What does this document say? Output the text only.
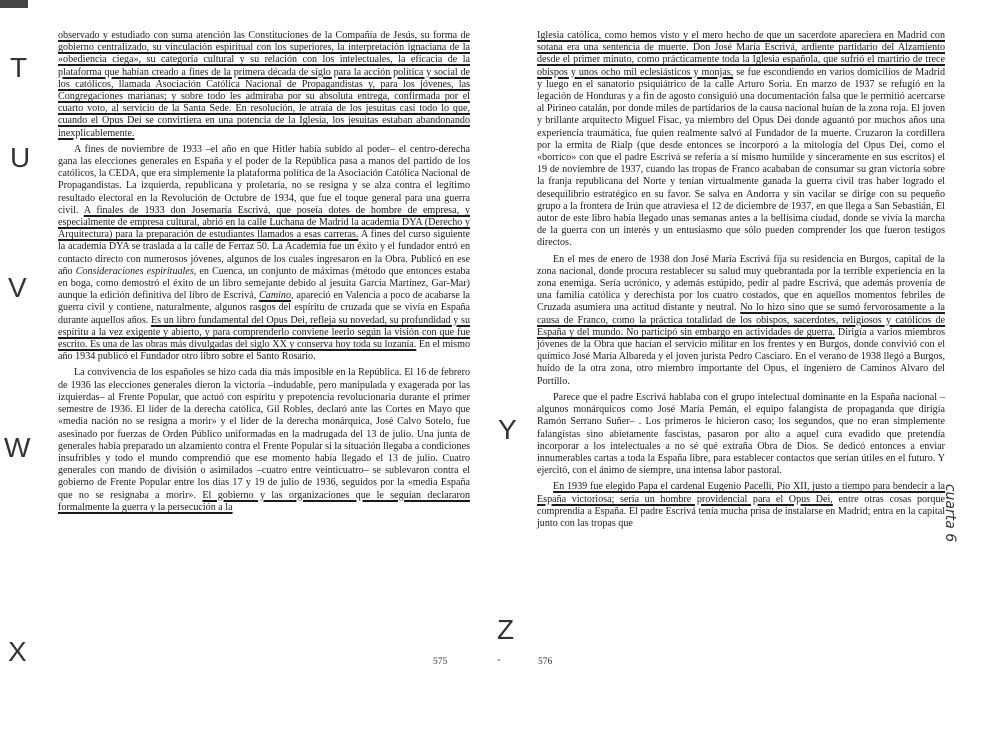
T
U
V
W
X
Y
Z
cuarta 6

observado y estudiado con suma atención las Constituciones de la Compañía de Jesús, su forma de gobierno centralizado, su vinculación espiritual con los superiores, la interpretación ignaciana de la «obediencia ciega», su categoría cultural y su relación con los intelectuales, la eficacia de la plataforma que habían creado a fines de la primera década de siglo para la acción política y social de los católicos, llamada Asociación Católica Nacional de Propagandistas y, para los jóvenes, las Congregaciones marianas; y sobre todo les admiraba por su absoluta entrega, confirmada por el cuarto voto, al servicio de la Santa Sede. En resolución, le atraía de los jesuitas casi todo lo que, cuando el Opus Dei se convirtiera en una potencia de la Iglesia, los jesuitas estaban abandonando inexplicablemente.

A fines de noviembre de 1933 –el año en que Hitler había subido al poder– el centro-derecha gana las elecciones generales en España y el poder de la República pasa a manos del partido de los católicos, la CEDA, que era simplemente la plataforma política de la Asociación Católica Nacional de Propagandistas. La izquierda, republicana y proletaria, no se resigna y se alza contra el legítimo resultado electoral en la Revolución de Octubre de 1934, que fue el toque general para una guerra civil. A finales de 1933 don Josemaría Escrivá, que poseía dotes de hombre de empresa, y especialmente de empresa cultural, abrió en la calle Luchana de Madrid la academia DYA (Derecho y Arquitectura) para la preparación de estudiantes llamados a esas carreras. A fines del curso siguiente la academia DYA se traslada a la calle de Ferraz 50. La Academia fue un éxito y el fundador entró en contacto directo con numerosos jóvenes, algunos de los cuales ingresaron en la Obra. Publicó en ese año Consideraciones espirituales, en Cuenca, un conjunto de máximas (método que entonces estaba en boga, como demostró el éxito de un libro semejante debido al jesuita García Martínez, Gar-Mar) aunque la edición definitiva del libro de Escrivá, Camino, apareció en Valencia a poco de acabarse la guerra civil y contiene, naturalmente, algunos rasgos del espíritu de cruzada que se vivía en España durante aquellos años. Es un libro fundamental del Opus Dei, refleja su novedad, su profundidad y su espíritu a la vez exigente y abierto, y para comprenderlo conviene leerlo según la visión con que fue escrito. Es una de las obras más divulgadas del siglo XX y conserva hoy toda su lozanía. En el mismo año 1934 publicó el Fundador otro libro sobre el Santo Rosario.

La convivencia de los españoles se hizo cada día más imposible en la República. El 16 de febrero de 1936 las elecciones generales dieron la victoria –indudable, pero manipulada y exagerada por las izquierdas– al Frente Popular, que actuó con espíritu y prepotencia revolucionaria durante el primer semestre de 1936. El líder de la derecha católica, Gil Robles, declaró ante las Cortes en Mayo que «media nación no se resigna a morir» y el líder de la derecha monárquica, José Calvo Sotelo, fue asesinado por fuerzas de Orden Público uniformadas en la madrugada del 13 de julio. Una junta de generales había preparado un alzamiento contra el Frente Popular si la situación llegaba a condiciones insufribles y todo el mundo comprendió que ese momento había llegado el 13 de julio. Cuatro generales con mando de división o asimilados –cuatro entre veinticuatro– se sublevaron contra el gobierno de Frente Popular entre los días 17 y 19 de julio de 1936, seguidos por la «media España que no se resignaba a morir». El gobierno y las organizaciones que le seguían declararon formalmente la guerra y la persecución a la

Iglesia católica, como hemos visto y el mero hecho de que un sacerdote apareciera en Madrid con sotana era una sentencia de muerte. Don José María Escrivá, ardiente partidario del Alzamiento desde el primer minuto, como prácticamente toda la Iglesia española, que sufrió el martirio de trece obispos y unos ocho mil eclesiásticos y monjas, se fue escondiendo en varios domicilios de Madrid y luego en el sanatorio psiquiátrico de la calle Arturo Soria. En marzo de 1937 se refugió en la legación de Honduras y a fin de agosto consiguió una documentación falsa que le permitió acercarse al Pirineo catalán, por donde miles de partidarios de la causa nacional huían de la zona roja. El joven y brillante arquitecto Miguel Fisac, ya miembro del Opus Dei donde aguantó por muchos años una experiencia traumática, fue quien realmente salvó al Fundador de la muerte. Cruzaron la cordillera por la ermita de Rialp (que desde entonces se incorporó a la mitología del Opus Dei, como el «borrico» con que el padre Escrivá se refería a sí mismo humilde y sinceramente en sus escritos) el 19 de noviembre de 1937, cuando las tropas de Franco acababan de consumar su gran victoria sobre la franja republicana del Norte y tenían virtualmente ganada la guerra civil tras haber logrado el desequilibrio estratégico en su favor. Se salva en Andorra y sin vacilar se dirige con su pequeño grupo a la frontera de Irún que atraviesa el 12 de diciembre de 1937, en que llega a San Sebastián, El autor de este libro había llegado unas semanas antes a la bellísima ciudad, donde se vivía la marcha de la guerra con un interés y un entusiasmo que sólo pueden comprender los que fueron testigos directos.

En el mes de enero de 1938 don José María Escrivá fija su residencia en Burgos, capital de la zona nacional, donde procura restablecer su salud muy quebrantada por la terrible experiencia en la zona enemiga. Sería ucrónico, y además estúpido, pedir al padre Escrivá, que además provenía de una familia católica y derechista por los cuatro costados, que en aquellos momentos febriles de Cruzada asumiera una actitud distante y neutral. No lo hizo sino que se sumó fervorosamente a la causa de Franco, como la práctica totalidad de los obispos, sacerdotes, religiosos y católicos de España y del mundo. No participó sin embargo en actividades de guerra. Dirigía a varios miembros jóvenes de la Obra que hacían el servicio militar en los frentes y en Burgos, donde convivió con el químico José María Albareda y el joven jurista Pedro Casciaro. En el verano de 1938 llegó a Burgos, huido de la otra zona, otro miembro importante del Opus, el ingeniero de Caminos Alvaro del Portillo.

Parece que el padre Escrivá hablaba con el grupo intelectual dominante en la España nacional –algunos monárquicos como José María Pemán, el equipo falangista de propaganda que dirigía Ramón Serrano Suñer– . Los primeros le hicieron caso; los segundos, que no eran simplemente falangistas sino abietamente fascistas, pasaron por alto a aquel cura evadido que pretendía incorporar a los intelectuales a no sé qué extraña Obra de Dios. Se dedicó entonces a enviar innumerables cartas a toda la España libre, para establecer contactos que serían útiles en el futuro. Y ejercitó, con el ánimo de siempre, una intensa labor pastoral.

En 1939 fue elegido Papa el cardenal Eugenio Pacelli, Pío XII, justo a tiempo para bendecir a la España victoriosa; sería un hombre providencial para el Opus Dei, entre otras cosas porque comprendía a España. El padre Escrivá tenía mucha prisa de instalarse en Madrid; entra en la capital junto con las tropas que

575	-	576
